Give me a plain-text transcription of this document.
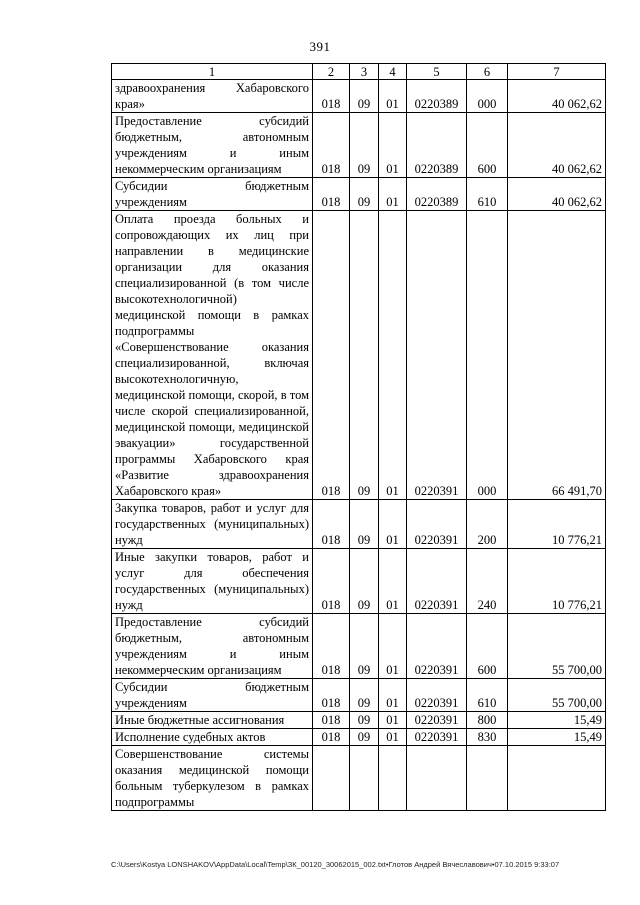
391
1	2	3	4	5	6	7
здравоохранения Хабаровского края»	018	09	01	0220389	000	40 062,62
Предоставление субсидий бюджетным, автономным учреждениям и иным некоммерческим организациям	018	09	01	0220389	600	40 062,62
Субсидии бюджетным учреждениям	018	09	01	0220389	610	40 062,62
Оплата проезда больных и сопровождающих их лиц при направлении в медицинские организации для оказания специализированной (в том числе высокотехнологичной) медицинской помощи в рамках подпрограммы «Совершенствование оказания специализированной, включая высокотехнологичную, медицинской помощи, скорой, в том числе скорой специализированной, медицинской помощи, медицинской эвакуации» государственной программы Хабаровского края «Развитие здравоохранения Хабаровского края»	018	09	01	0220391	000	66 491,70
Закупка товаров, работ и услуг для государственных (муниципальных) нужд	018	09	01	0220391	200	10 776,21
Иные закупки товаров, работ и услуг для обеспечения государственных (муниципальных) нужд	018	09	01	0220391	240	10 776,21
Предоставление субсидий бюджетным, автономным учреждениям и иным некоммерческим организациям	018	09	01	0220391	600	55 700,00
Субсидии бюджетным учреждениям	018	09	01	0220391	610	55 700,00
Иные бюджетные ассигнования	018	09	01	0220391	800	15,49
Исполнение судебных актов	018	09	01	0220391	830	15,49
Совершенствование системы оказания медицинской помощи больным туберкулезом в рамках подпрограммы						
C:\Users\Kostya LONSHAKOV\AppData\Local\Temp\ЗК_00120_30062015_002.txt•Глотов Андрей Вячеславович•07.10.2015 9:33:07
